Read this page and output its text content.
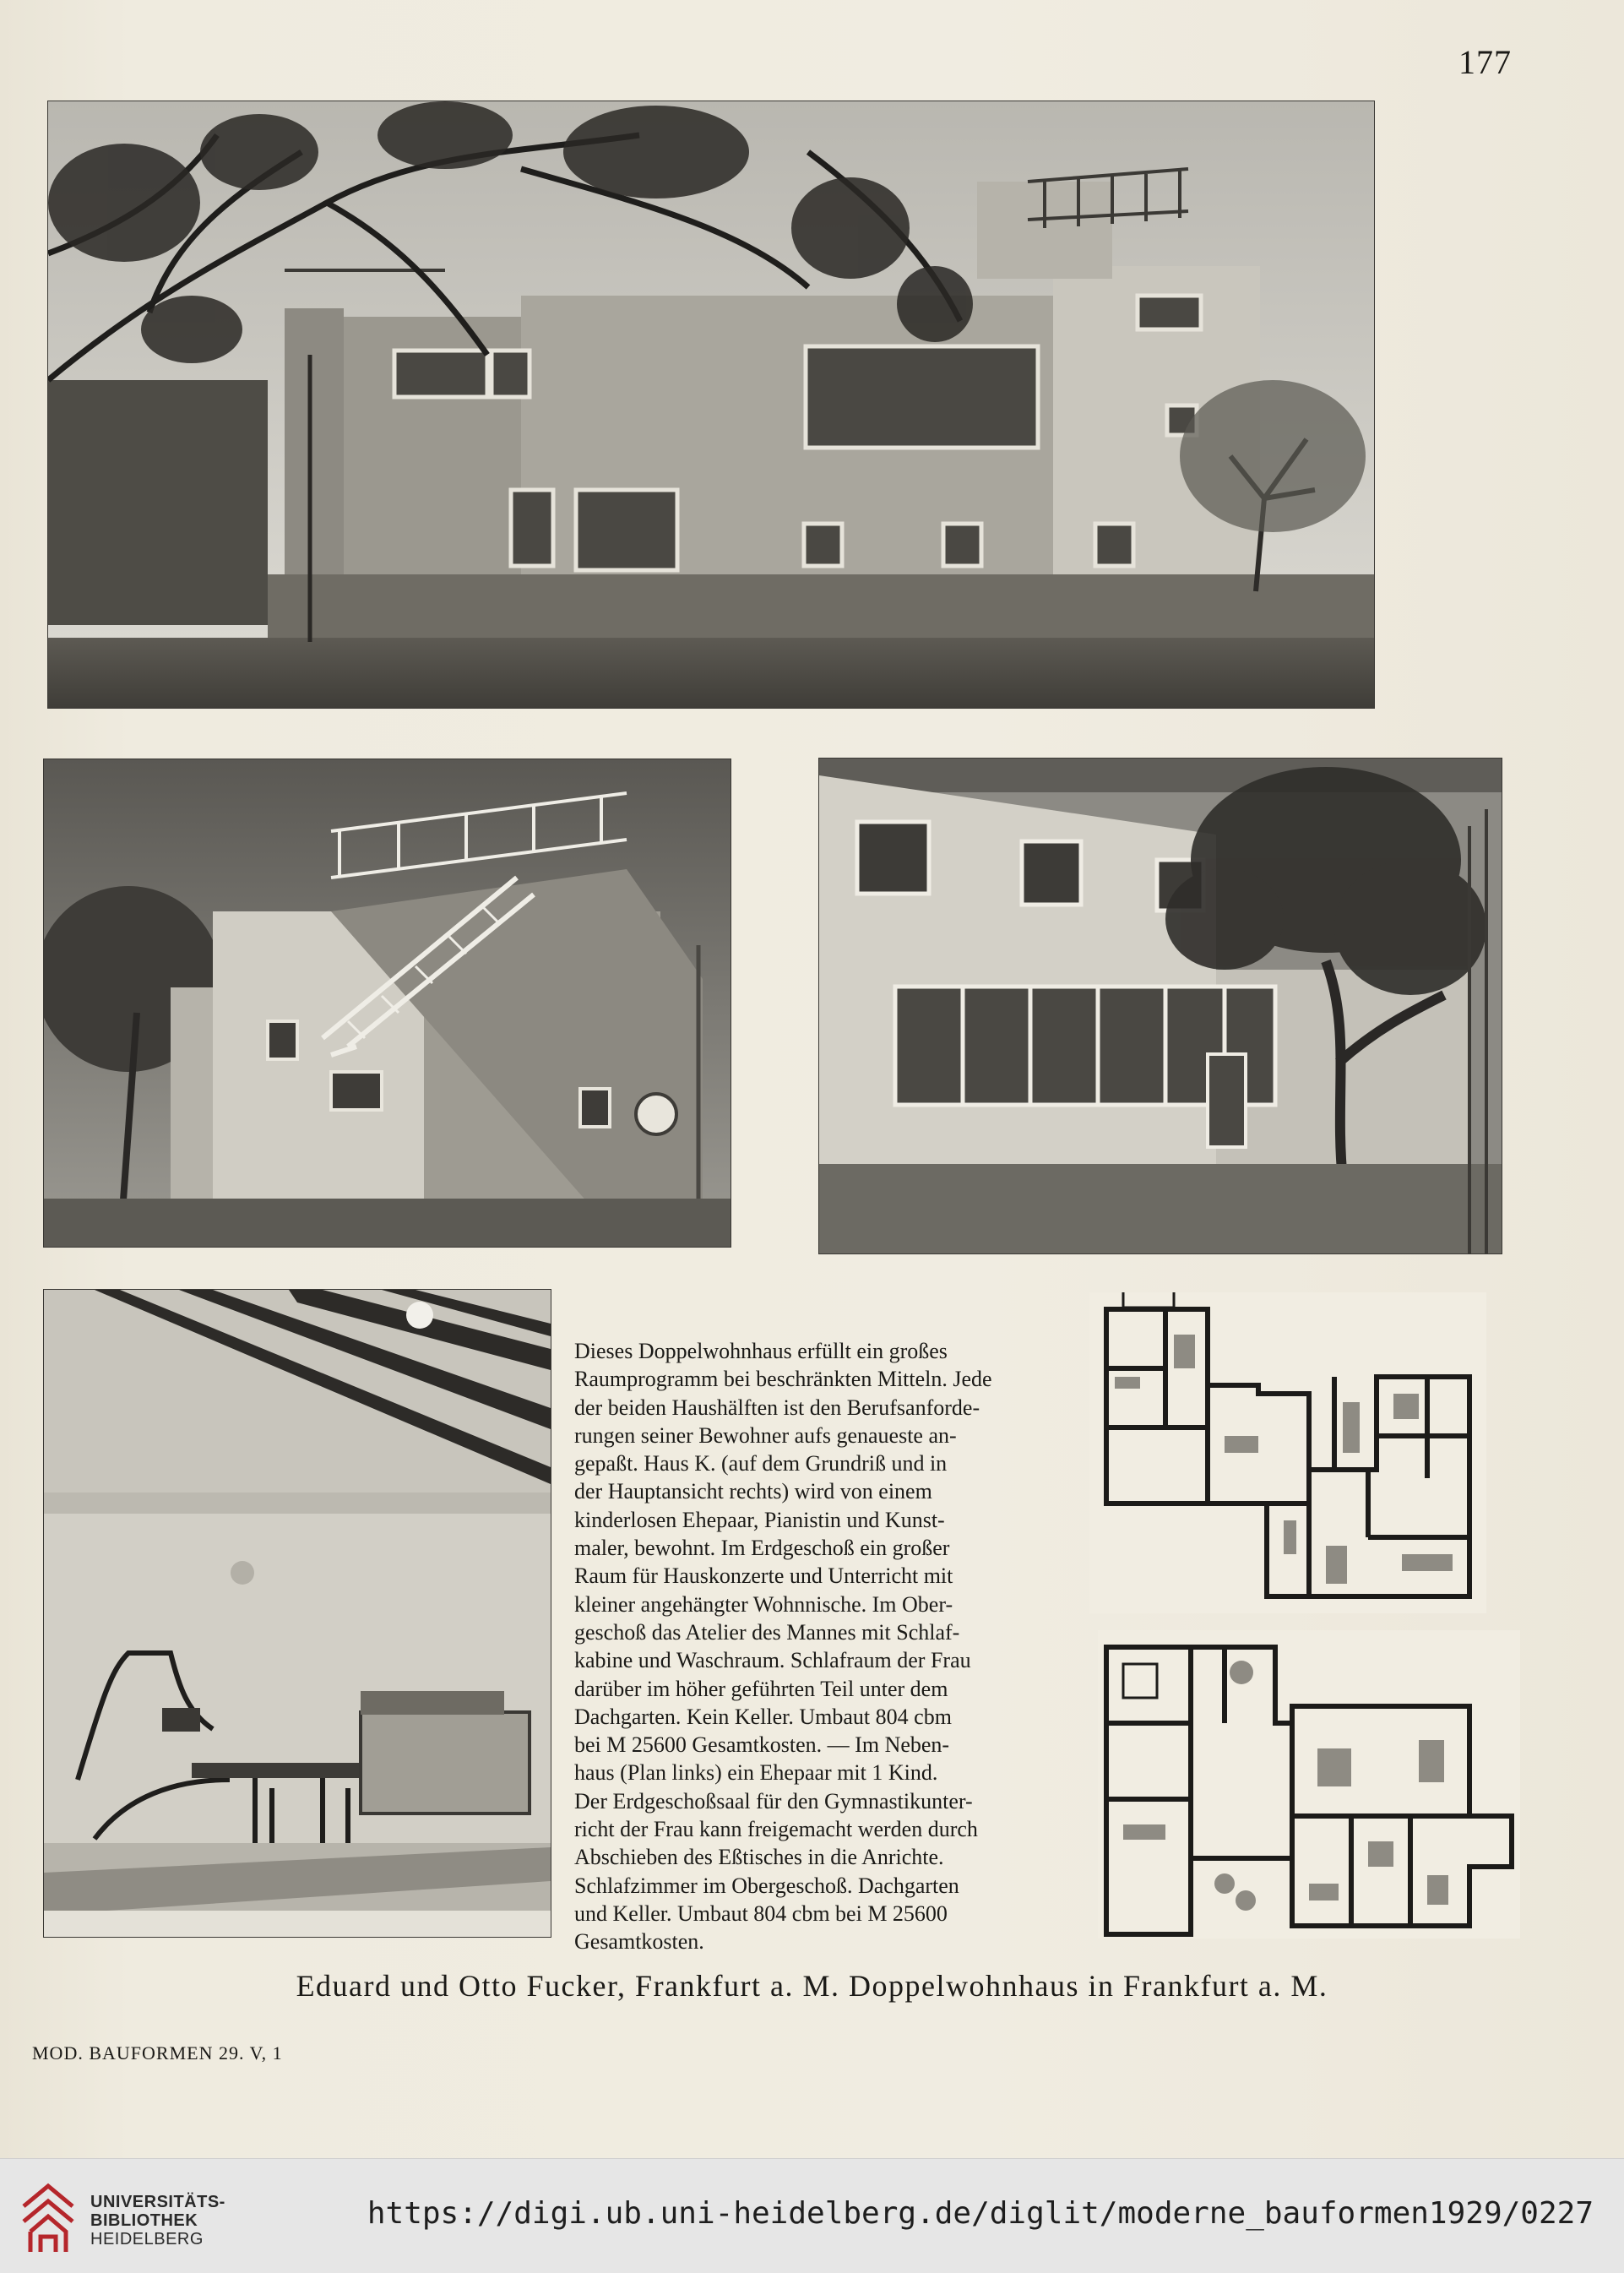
177

Dieses Doppelwohnhaus erfüllt ein großes

Raumprogramm bei beschränkten Mitteln. Jede

der beiden Haushälften ist den Berufsanforde-

rungen seiner Bewohner aufs genaueste an-

gepaßt. Haus K. (auf dem Grundriß und in

der Hauptansicht rechts) wird von einem

kinderlosen Ehepaar, Pianistin und Kunst-

maler, bewohnt. Im Erdgeschoß ein großer

Raum für Hauskonzerte und Unterricht mit

kleiner angehängter Wohnnische. Im Ober-

geschoß das Atelier des Mannes mit Schlaf-

kabine und Waschraum. Schlafraum der Frau

darüber im höher geführten Teil unter dem

Dachgarten. Kein Keller. Umbaut 804 cbm

bei M 25600 Gesamtkosten. — Im Neben-

haus (Plan links) ein Ehepaar mit 1 Kind.

Der Erdgeschoßsaal für den Gymnastikunter-

richt der Frau kann freigemacht werden durch

Abschieben des Eßtisches in die Anrichte.

Schlafzimmer im Obergeschoß. Dachgarten

und Keller. Umbaut 804 cbm bei M 25600

Gesamtkosten.

Eduard und Otto Fucker, Frankfurt a. M. Doppelwohnhaus in Frankfurt a. M.
MOD. BAUFORMEN 29. V, 1
UNIVERSITÄTS-
BIBLIOTHEK
HEIDELBERG
https://digi.ub.uni-heidelberg.de/diglit/moderne_bauformen1929/0227
